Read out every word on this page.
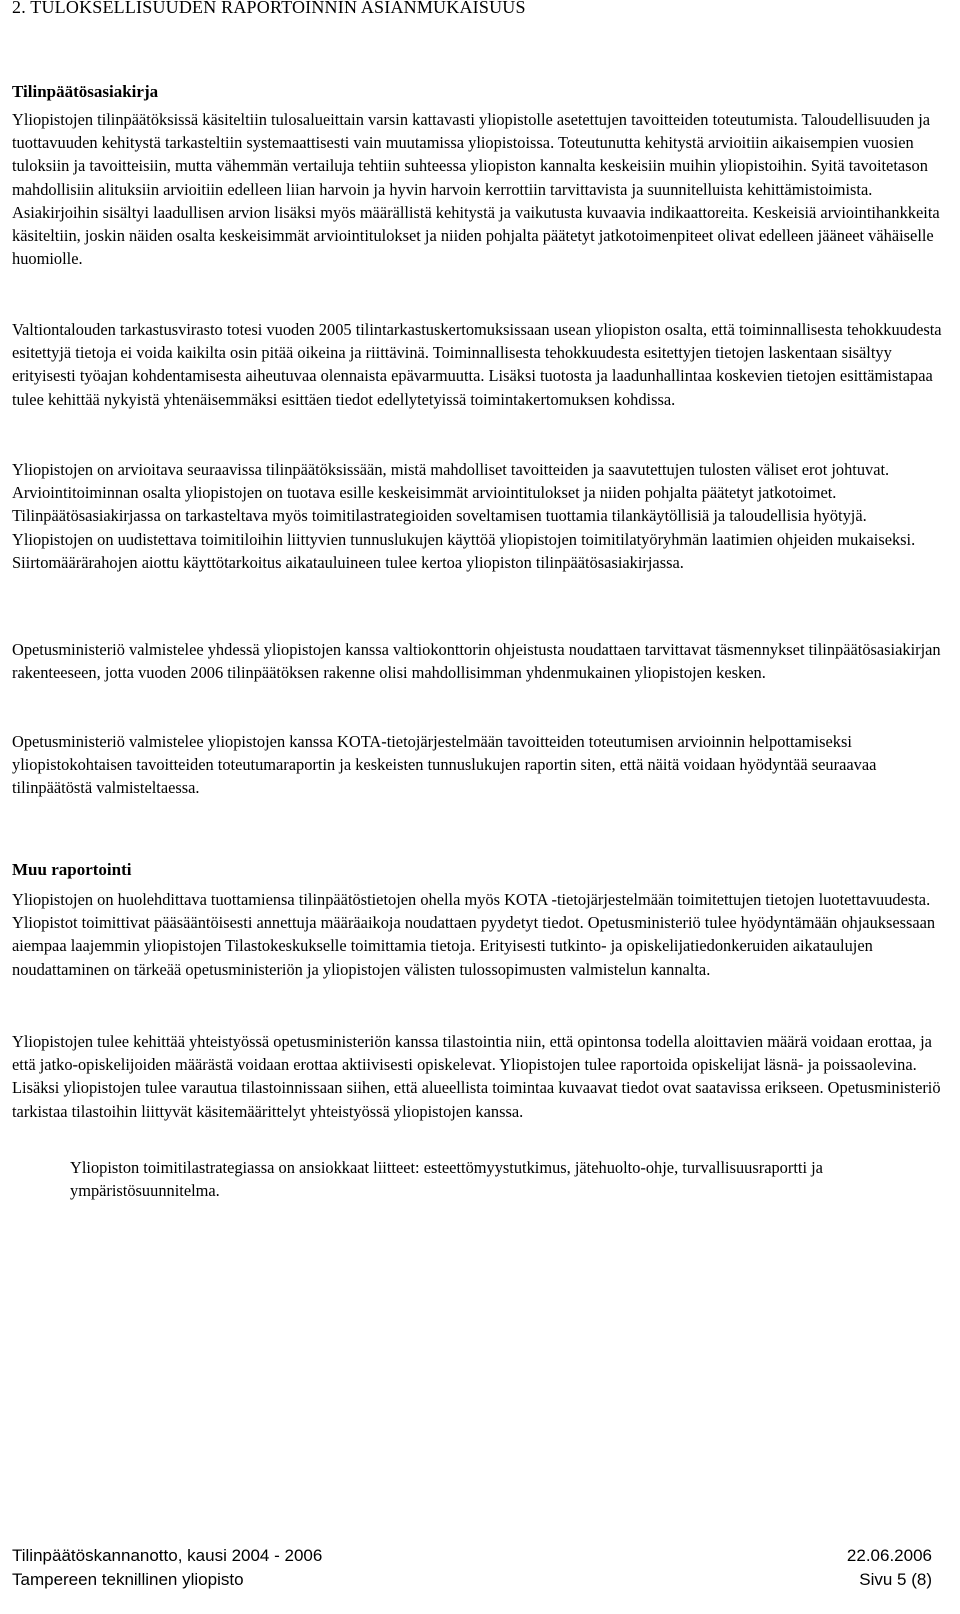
2. TULOKSELLISUUDEN RAPORTOINNIN ASIANMUKAISUUS
Tilinpäätösasiakirja

Yliopistojen tilinpäätöksissä käsiteltiin tulosalueittain varsin kattavasti yliopistolle asetettujen tavoitteiden toteutumista. Taloudellisuuden ja tuottavuuden kehitystä tarkasteltiin systemaattisesti vain muutamissa yliopistoissa. Toteutunutta kehitystä arvioitiin aikaisempien vuosien tuloksiin ja tavoitteisiin, mutta vähemmän vertailuja tehtiin suhteessa yliopiston kannalta keskeisiin muihin yliopistoihin. Syitä tavoitetason mahdollisiin alituksiin arvioitiin edelleen liian harvoin ja hyvin harvoin kerrottiin tarvittavista ja suunnitelluista kehittämistoimista. Asiakirjoihin sisältyi laadullisen arvion lisäksi myös määrällistä kehitystä ja vaikutusta kuvaavia indikaattoreita. Keskeisiä arviointihankkeita käsiteltiin, joskin näiden osalta keskeisimmät arviointitulokset ja niiden pohjalta päätetyt jatkotoimenpiteet olivat edelleen jääneet vähäiselle huomiolle.

Valtiontalouden tarkastusvirasto totesi vuoden 2005 tilintarkastuskertomuksissaan usean yliopiston osalta, että toiminnallisesta tehokkuudesta esitettyjä tietoja ei voida kaikilta osin pitää oikeina ja riittävinä. Toiminnallisesta tehokkuudesta esitettyjen tietojen laskentaan sisältyy erityisesti työajan kohdentamisesta aiheutuvaa olennaista epävarmuutta. Lisäksi tuotosta ja laadunhallintaa koskevien tietojen esittämistapaa tulee kehittää nykyistä yhtenäisemmäksi esittäen tiedot edellytetyissä toimintakertomuksen kohdissa.

Yliopistojen on arvioitava seuraavissa tilinpäätöksissään, mistä mahdolliset tavoitteiden ja saavutettujen tulosten väliset erot johtuvat. Arviointitoiminnan osalta yliopistojen on tuotava esille keskeisimmät arviointitulokset ja niiden pohjalta päätetyt jatkotoimet. Tilinpäätösasiakirjassa on tarkasteltava myös toimitilastrategioiden soveltamisen tuottamia tilankäytöllisiä ja taloudellisia hyötyjä. Yliopistojen on uudistettava toimitiloihin liittyvien tunnuslukujen käyttöä yliopistojen toimitilatyöryhmän laatimien ohjeiden mukaiseksi. Siirtomäärärahojen aiottu käyttötarkoitus aikatauluineen tulee kertoa yliopiston tilinpäätösasiakirjassa.

Opetusministeriö valmistelee yhdessä yliopistojen kanssa valtiokonttorin ohjeistusta noudattaen tarvittavat täsmennykset tilinpäätösasiakirjan rakenteeseen, jotta vuoden 2006 tilinpäätöksen rakenne olisi mahdollisimman yhdenmukainen yliopistojen kesken.

Opetusministeriö valmistelee yliopistojen kanssa KOTA-tietojärjestelmään tavoitteiden toteutumisen arvioinnin helpottamiseksi yliopistokohtaisen tavoitteiden toteutumaraportin ja keskeisten tunnuslukujen raportin siten, että näitä voidaan hyödyntää seuraavaa tilinpäätöstä valmisteltaessa.

Muu raportointi

Yliopistojen on huolehdittava tuottamiensa tilinpäätöstietojen ohella myös KOTA -tietojärjestelmään toimitettujen tietojen luotettavuudesta. Yliopistot toimittivat pääsääntöisesti annettuja määräaikoja noudattaen pyydetyt tiedot. Opetusministeriö tulee hyödyntämään ohjauksessaan aiempaa laajemmin yliopistojen Tilastokeskukselle toimittamia tietoja. Erityisesti tutkinto- ja opiskelijatiedonkeruiden aikataulujen noudattaminen on tärkeää opetusministeriön ja yliopistojen välisten tulossopimusten valmistelun kannalta.

Yliopistojen tulee kehittää yhteistyössä opetusministeriön kanssa tilastointia niin, että opintonsa todella aloittavien määrä voidaan erottaa, ja että jatko-opiskelijoiden määrästä voidaan erottaa aktiivisesti opiskelevat. Yliopistojen tulee raportoida opiskelijat läsnä- ja poissaolevina. Lisäksi yliopistojen tulee varautua tilastoinnissaan siihen, että alueellista toimintaa kuvaavat tiedot ovat saatavissa erikseen. Opetusministeriö tarkistaa tilastoihin liittyvät käsitemäärittelyt yhteistyössä yliopistojen kanssa.

Yliopiston toimitilastrategiassa on ansiokkaat liitteet: esteettömyystutkimus, jätehuolto-ohje, turvallisuusraportti ja ympäristösuunnitelma.

Tilinpäätöskannanotto, kausi 2004 - 2006	22.06.2006
Tampereen teknillinen yliopisto	Sivu 5 (8)
